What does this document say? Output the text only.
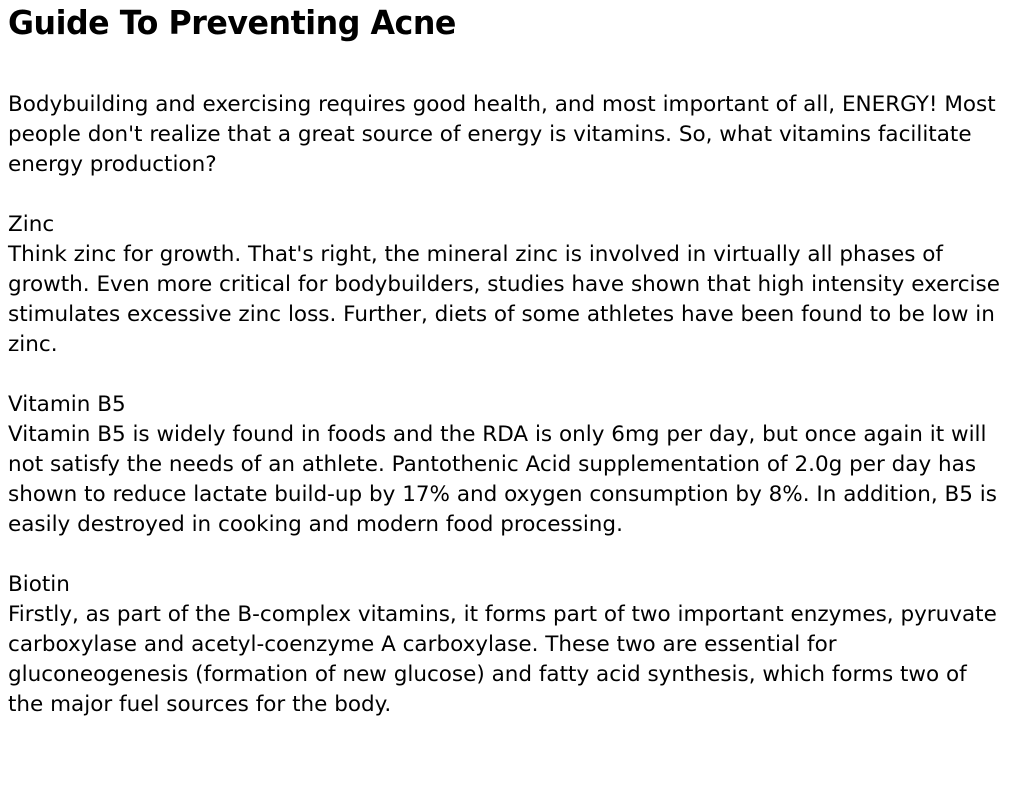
Guide To Preventing Acne

Bodybuilding and exercising requires good health, and most important of all, ENERGY! Most people don't realize that a great source of energy is vitamins. So, what vitamins facilitate energy production?

Zinc

Think zinc for growth. That's right, the mineral zinc is involved in virtually all phases of growth. Even more critical for bodybuilders, studies have shown that high intensity exercise stimulates excessive zinc loss. Further, diets of some athletes have been found to be low in zinc.

Vitamin B5

Vitamin B5 is widely found in foods and the RDA is only 6mg per day, but once again it will not satisfy the needs of an athlete. Pantothenic Acid supplementation of 2.0g per day has shown to reduce lactate build-up by 17% and oxygen consumption by 8%. In addition, B5 is easily destroyed in cooking and modern food processing.

Biotin

Firstly, as part of the B-complex vitamins, it forms part of two important enzymes, pyruvate carboxylase and acetyl-coenzyme A carboxylase. These two are essential for gluconeogenesis (formation of new glucose) and fatty acid synthesis, which forms two of the major fuel sources for the body.
